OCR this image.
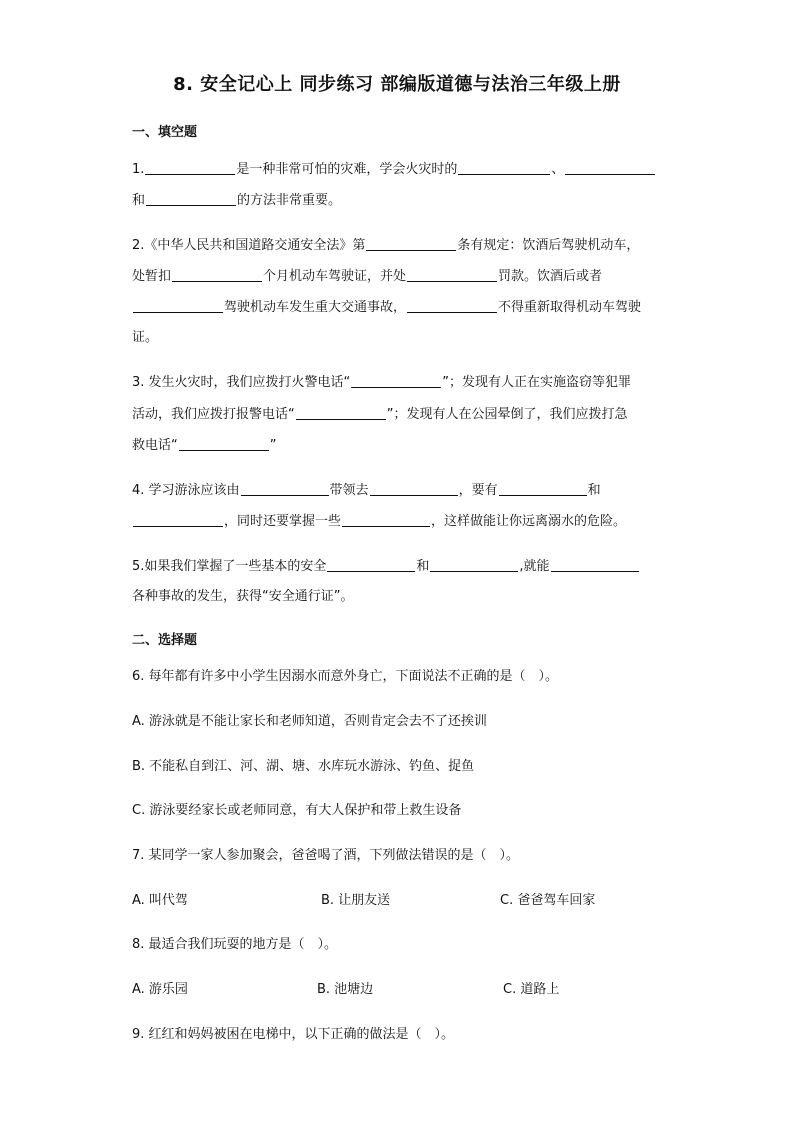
8. 安全记心上 同步练习 部编版道德与法治三年级上册
一、填空题
1.	是一种非常可怕的灾难，学会火灾时的	、
和	的方法非常重要。
2.《中华人民共和国道路交通安全法》第	条有规定：饮酒后驾驶机动车，
处暂扣	个月机动车驾驶证，并处	罚款。饮酒后或者
驾驶机动车发生重大交通事故，	不得重新取得机动车驾驶
证。
3. 发生火灾时，我们应拨打火警电话“	”；发现有人正在实施盗窃等犯罪
活动，我们应拨打报警电话“	”；发现有人在公园晕倒了，我们应拨打急
救电话“	”
4. 学习游泳应该由	带领去	，要有	和
，同时还要掌握一些	，这样做能让你远离溺水的危险。
5.如果我们掌握了一些基本的安全	和	,就能
各种事故的发生，获得“安全通行证”。
二、选择题
6. 每年都有许多中小学生因溺水而意外身亡，下面说法不正确的是（　）。
A. 游泳就是不能让家长和老师知道，否则肯定会去不了还挨训
B. 不能私自到江、河、湖、塘、水库玩水游泳、钓鱼、捉鱼
C. 游泳要经家长或老师同意，有大人保护和带上救生设备
7. 某同学一家人参加聚会，爸爸喝了酒，下列做法错误的是（　）。
A. 叫代驾	B. 让朋友送	C. 爸爸驾车回家
8. 最适合我们玩耍的地方是（　）。
A. 游乐园	B. 池塘边	C. 道路上
9. 红红和妈妈被困在电梯中，以下正确的做法是（　）。
